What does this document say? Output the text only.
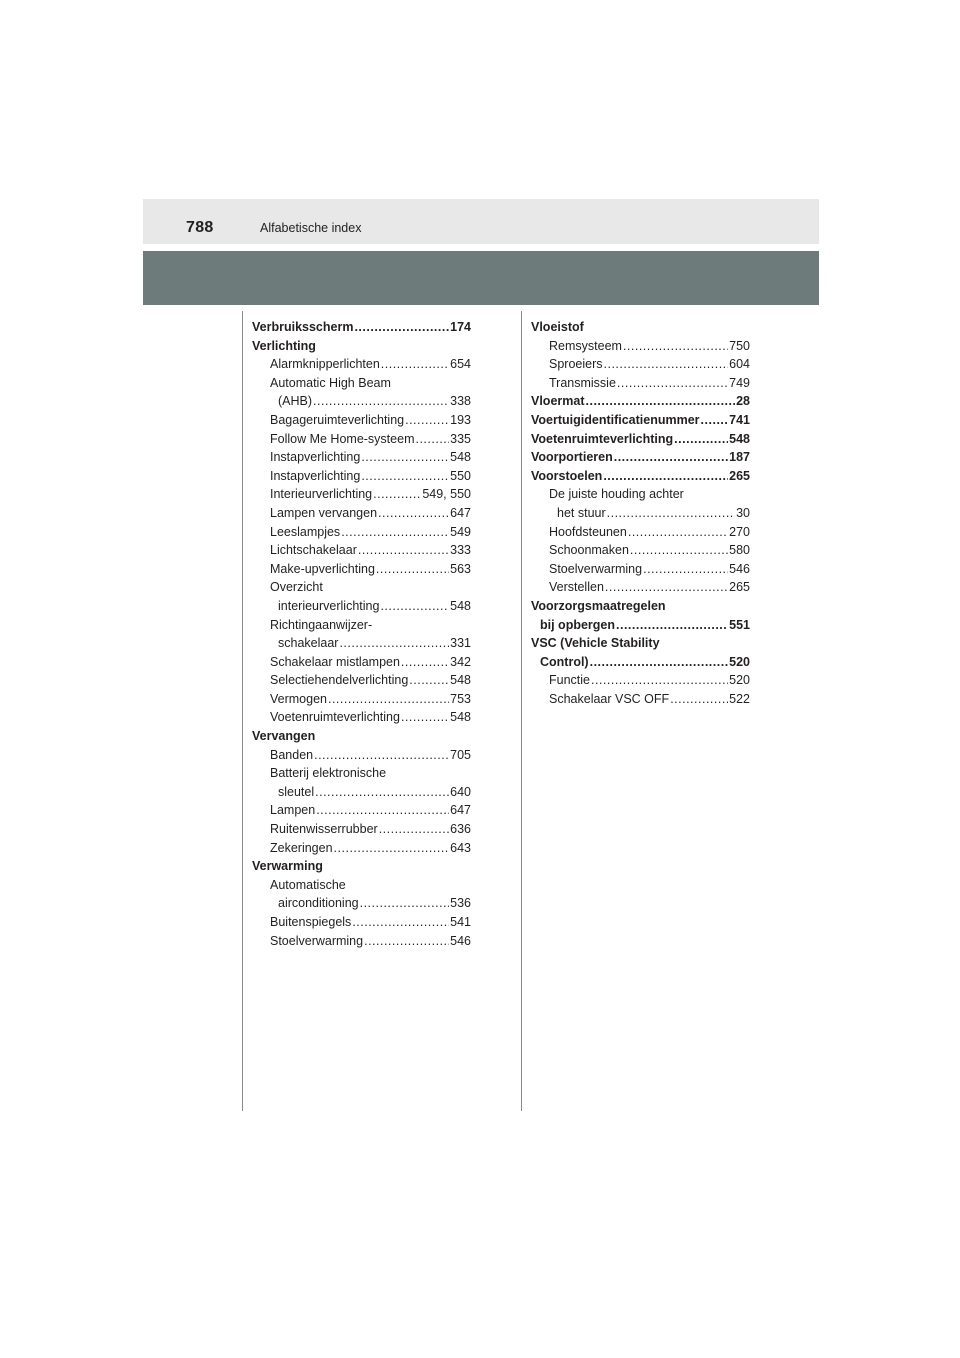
788	Alfabetische index
Verbruiksscherm .....	174
Verlichting
Alarmknipperlichten .....	654
Automatic High Beam
(AHB) .....	338
Bagageruimteverlichting .....	193
Follow Me Home-systeem .....	335
Instapverlichting .....	548
Instapverlichting .....	550
Interieurverlichting .....	549, 550
Lampen vervangen .....	647
Leeslampjes .....	549
Lichtschakelaar .....	333
Make-upverlichting .....	563
Overzicht
interieurverlichting .....	548
Richtingaanwijzer-
schakelaar .....	331
Schakelaar mistlampen .....	342
Selectiehendelverlichting .....	548
Vermogen .....	753
Voetenruimteverlichting .....	548
Vervangen
Banden .....	705
Batterij elektronische
sleutel .....	640
Lampen .....	647
Ruitenwisserrubber .....	636
Zekeringen .....	643
Verwarming
Automatische
airconditioning .....	536
Buitenspiegels .....	541
Stoelverwarming .....	546
Vloeistof
Remsysteem .....	750
Sproeiers .....	604
Transmissie .....	749
Vloermat .....	28
Voertuigidentificatienummer ..... 741
Voetenruimteverlichting .....	548
Voorportieren .....	187
Voorstoelen .....	265
De juiste houding achter
het stuur .....	30
Hoofdsteunen .....	270
Schoonmaken .....	580
Stoelverwarming .....	546
Verstellen .....	265
Voorzorgsmaatregelen
bij opbergen .....	551
VSC (Vehicle Stability
Control) .....	520
Functie .....	520
Schakelaar VSC OFF .....	522
